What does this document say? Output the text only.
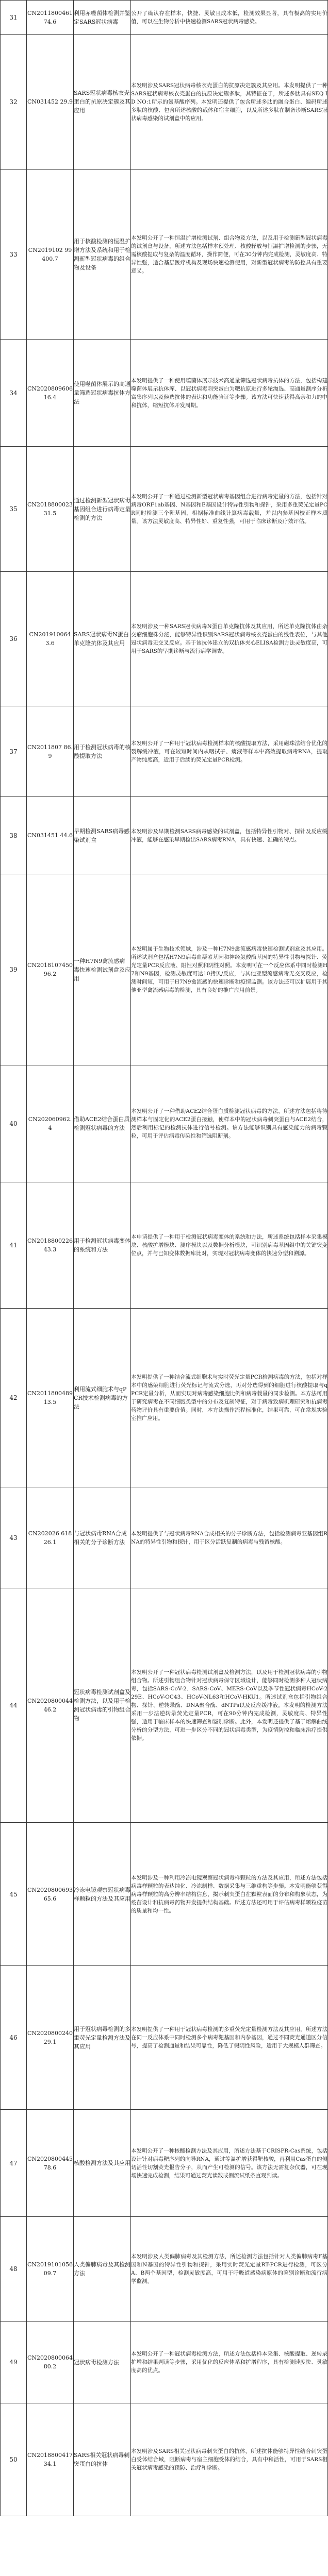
31	CN201180046174.6	利用赤噬菌体检测并鉴定SARS冠状病毒	公开了确认存在样本，快捷、灵敏且成本低，检测效果显著，具有极高的实用价值，可以在生物分析中快速检测SARS冠状病毒感染。

32	CN031452 29.9	SARS冠状病毒核衣壳蛋白的抗原决定簇及其应用	本发明涉及SARS冠状病毒核衣壳蛋白的抗原决定簇及其应用。本发明提供了一种SARS冠状病毒核衣壳蛋白的抗原决定簇多肽，其特征在于，所述多肽具有SEQ ID NO:1所示的氨基酸序列。本发明还提供了包含所述多肽的融合蛋白、编码所述多肽的核酸、包含所述核酸的载体和宿主细胞，以及所述多肽在制备诊断SARS冠状病毒感染的试剂盒中的应用。

33	CN2019102 99400.7	用于核酸检测的恒温扩增方法及系统和用于检测新型冠状病毒的组合物及设备	本发明公开了一种恒温扩增检测试剂、组合物及方法，以及用于检测新型冠状病毒的试剂盒与设备，所述方法包括样本预处理、核酸释放与恒温扩增检测的步骤，无需核酸提取与复杂的温度循环，操作简便，可在30分钟内完成检测，灵敏度高、特异性强，适合基层医疗机构及现场快速检测使用，对新型冠状病毒的防控具有重要意义。

34	CN202080960616.4	使用噬菌体展示的高通量筛选冠状病毒抗体方法	本发明提供了一种使用噬菌体展示技术高通量筛选冠状病毒抗体的方法，包括构建噬菌体展示抗体库、以冠状病毒刺突蛋白为靶抗原进行多轮淘选、高通量测序分析富集序列以及候选抗体的表达和功能验证等步骤。该方法可快速获得高亲和力的中和抗体，缩短抗体开发周期。

35	CN201880002331.5	通过检测新型冠状病毒基因组合进行病毒定量检测的方法	本发明公开了一种通过检测新型冠状病毒基因组合进行病毒定量的方法，包括针对病毒ORF1ab基因、N基因和E基因设计特异性引物和探针，采用多重荧光定量PCR同时检测三个靶基因，根据标准曲线计算病毒载量，并以内参基因校正样本质量。该方法灵敏度高、特异性好、重复性强，可用于临床诊断及疗效评估。

36	CN201910064 3.6	SARS冠状病毒N蛋白单克隆抗体及其应用	本发明涉及一种SARS冠状病毒N蛋白单克隆抗体及其应用，所述单克隆抗体由杂交瘤细胞株分泌，能够特异性识别SARS冠状病毒核衣壳蛋白的线性表位，与其他冠状病毒无交叉反应。基于该抗体建立的双抗体夹心ELISA检测方法灵敏度高，可用于SARS的早期诊断与流行病学调查。

37	CN2011807 86.9	用于检测冠状病毒的核酸提取方法	本发明公开了一种用于冠状病毒检测样本的核酸提取方法，采用磁珠法结合优化的裂解缓冲液，可在较短时间内从咽拭子、痰液等样本中高效提取病毒RNA，提取产物纯度高，适用于后续的荧光定量PCR检测。

38	CN031451 44.6	早期检测SARS病毒感染试剂盒	本发明涉及早期检测SARS病毒感染的试剂盒，包括特异性引物对、探针及反应缓冲液，能够在感染早期检出SARS病毒RNA，具有快速、准确的特点。

39	CN201810745096.2	一种H7N9禽流感病毒快速检测试剂盒及应用	本发明属于生物技术领域，涉及一种H7N9禽流感病毒快速检测试剂盒及其应用。所述试剂盒包括H7N9病毒血凝素基因和神经氨酸酶基因的特异性引物与探针、荧光定量PCR反应液、阳性对照和阴性对照。本发明可在一个反应体系中同时检测H7和N9基因，检测灵敏度可达10拷贝/反应，与其他亚型流感病毒无交叉反应，检测时间短，可用于H7N9禽流感的快速诊断和疫情监测。该方法还可以扩展用于其他亚型禽流感病毒的检测，具有良好的推广应用前景。

40	CN202060962.4	借助ACE2结合蛋白质检测冠状病毒的方法	本发明公开了一种借助ACE2结合蛋白质检测冠状病毒的方法，所述方法包括将待测样本与固定化的ACE2蛋白接触，使样本中的冠状病毒刺突蛋白与ACE2结合，然后利用标记的检测抗体进行信号检测。该方法能够识别具有感染能力的病毒颗粒，可用于评估病毒传染性和筛选阻断剂。

41	CN201880022643.3	用于检测冠状病毒变体的系统和方法	本申请提供了一种用于检测冠状病毒变体的系统和方法，所述系统包括样本采集模块、核酸扩增模块、测序模块以及数据分析模块，可识别病毒基因组中的关键突变位点，并与已知变体数据库比对，实现对冠状病毒变体的快速分型和溯源。

42	CN201180048913.5	利用流式细胞术与qPCR技术检测病毒的方法	本发明提供了一种结合流式细胞术与实时荧光定量PCR检测病毒的方法，包括对样本中的感染细胞进行荧光标记与流式分选，再对分选得到的细胞进行核酸提取与qPCR定量分析，从而实现对病毒感染细胞比例和病毒载量的同步检测。本方法可用于研究病毒在不同细胞类型中的分布及复制特征，对于病毒致病机理研究和抗病毒药物评价具有重要价值。同时，本方法操作流程标准化，结果可靠，可在常规实验室推广应用。

43	CN202026 61826.1	与冠状病毒RNA合成相关的分子诊断方法	本发明提供了与冠状病毒RNA合成相关的分子诊断方法，包括检测病毒亚基因组RNA的特异性引物和探针，用于区分活跃复制的病毒与残留核酸。

44	CN202080004446.2	冠状病毒检测试剂盒及检测方法，以及用于检测冠状病毒的引物组合物	本发明公开了一种冠状病毒检测试剂盒及检测方法，以及用于检测冠状病毒的引物组合物。所述引物组合物针对冠状病毒保守区域设计，能够同时检测多种人冠状病毒，包括SARS-CoV-2、SARS-CoV、MERS-CoV以及季节性冠状病毒HCoV-229E、HCoV-OC43、HCoV-NL63和HCoV-HKU1。所述试剂盒包括引物组合物、探针、逆转录酶、DNA聚合酶、dNTPs以及反应缓冲液。本发明的检测方法采用一步法逆转录荧光定量PCR，可在90分钟内完成检测，灵敏度高、特异性强，适用于临床样本的快速筛查和鉴别诊断。此外，本发明还提供了基于熔解曲线分析的分型方法，可进一步区分不同的冠状病毒类型，为疫情防控和临床治疗提供依据。

45	CN202080069365.6	冷冻电镜观察冠状病毒样颗粒的方法及其应用	本发明涉及一种利用冷冻电镜观察冠状病毒样颗粒的方法及其应用，所述方法包括病毒样颗粒的表达纯化、冷冻制样、数据采集与三维重构等步骤。本发明能够获得病毒样颗粒的高分辨率结构信息，揭示刺突蛋白在颗粒表面的分布和构象状态，为疫苗设计和抗病毒药物开发提供结构基础。所述方法还可用于评估病毒样颗粒疫苗的质量和均一性。

46	CN202080024029.1	用于冠状病毒检测的多重荧光定量检测方法及其应用	本发明提供了一种用于冠状病毒检测的多重荧光定量检测方法及其应用，所述方法在同一反应体系中同时检测多个病毒靶基因和内参基因，通过不同荧光通道区分信号，提高了检测通量和结果可靠性，降低了假阴性风险，适用于大规模人群筛查。

47	CN202080044578.6	核酸检测方法及其应用	本发明公开了一种核酸检测方法及其应用，所述方法基于CRISPR-Cas系统，包括设计针对病毒靶序列的向导RNA，通过等温扩增获得靶核酸，再利用Cas蛋白的侧切活性切割荧光报告分子，从而产生可检测的信号。该方法无需复杂仪器，可在现场快速完成检测，结果可通过荧光读数或侧流试纸条直观判读。

48	CN201910105609.7	人类偏肺病毒及其检测方法	本发明涉及人类偏肺病毒及其检测方法，所述检测方法包括针对人类偏肺病毒F基因和N基因的特异性引物和探针，采用实时荧光定量RT-PCR进行检测，可区分A、B两个基因型，检测灵敏度高，可用于呼吸道感染病原体的鉴别诊断和流行病学监测。

49	CN202080006480.2	冠状病毒检测方法	本发明公开了一种冠状病毒检测方法，所述方法包括样本采集、核酸提取、逆转录扩增和结果判读等步骤，采用优化的反应体系和扩增程序，具有检测速度快、灵敏度高的优点。

50	CN201880041734.1	SARS相关冠状病毒刺突蛋白的抗体	本发明涉及SARS相关冠状病毒刺突蛋白的抗体，所述抗体能够特异性结合刺突蛋白受体结合域，阻断病毒与宿主细胞受体的结合，具有中和活性，可用于SARS相关冠状病毒感染的预防、治疗和诊断。
